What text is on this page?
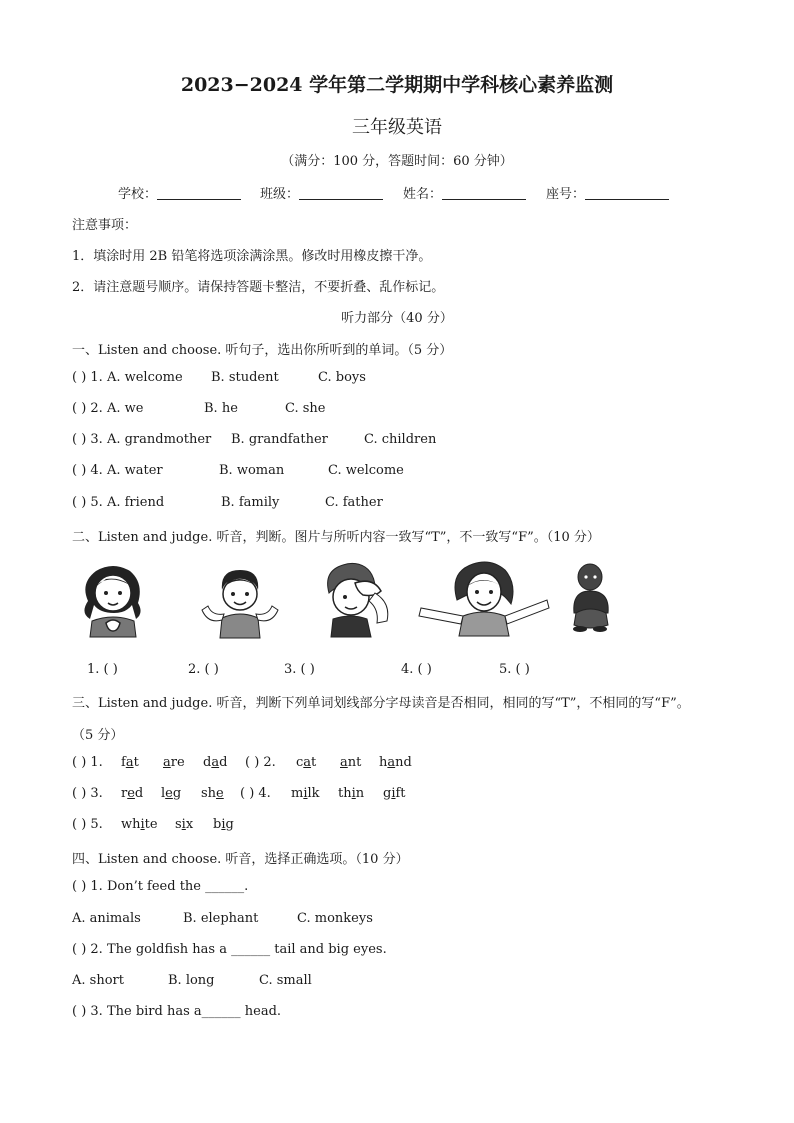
2023−2024 学年第二学期期中学科核心素养监测
三年级英语
（满分：100 分，答题时间：60 分钟）
学校：	班级：	姓名：	座号：
注意事项：
1．填涂时用 2B 铅笔将选项涂满涂黑。修改时用橡皮擦干净。
2．请注意题号顺序。请保持答题卡整洁，不要折叠、乱作标记。
听力部分（40 分）
一、Listen and choose. 听句子，选出你所听到的单词。（5 分）
( ) 1. A. welcome B. student	C. boys
( ) 2. A. we	B. he	C. she
( ) 3. A. grandmother B. grandfather	C. children
( ) 4. A. water	B. woman	C. welcome
( ) 5. A. friend	B. family	C. father
二、Listen and judge. 听音，判断。图片与所听内容一致写“T”，不一致写“F”。（10 分）
1. ( )	2. ( )	3. ( )	4. ( )	5. ( )
三、Listen and judge. 听音，判断下列单词划线部分字母读音是否相同，相同的写“T”，不相同的写“F”。
（5 分）
( ) 1. fat are dad ( ) 2. cat ant hand
( ) 3. red leg she ( ) 4. milk thin gift
( ) 5. white six big
四、Listen and choose. 听音，选择正确选项。（10 分）
( ) 1. Don’t feed the ______.
A. animals	B. elephant	C. monkeys
( ) 2. The goldfish has a ______ tail and big eyes.
A. short	B. long	C. small
( ) 3. The bird has a______ head.
